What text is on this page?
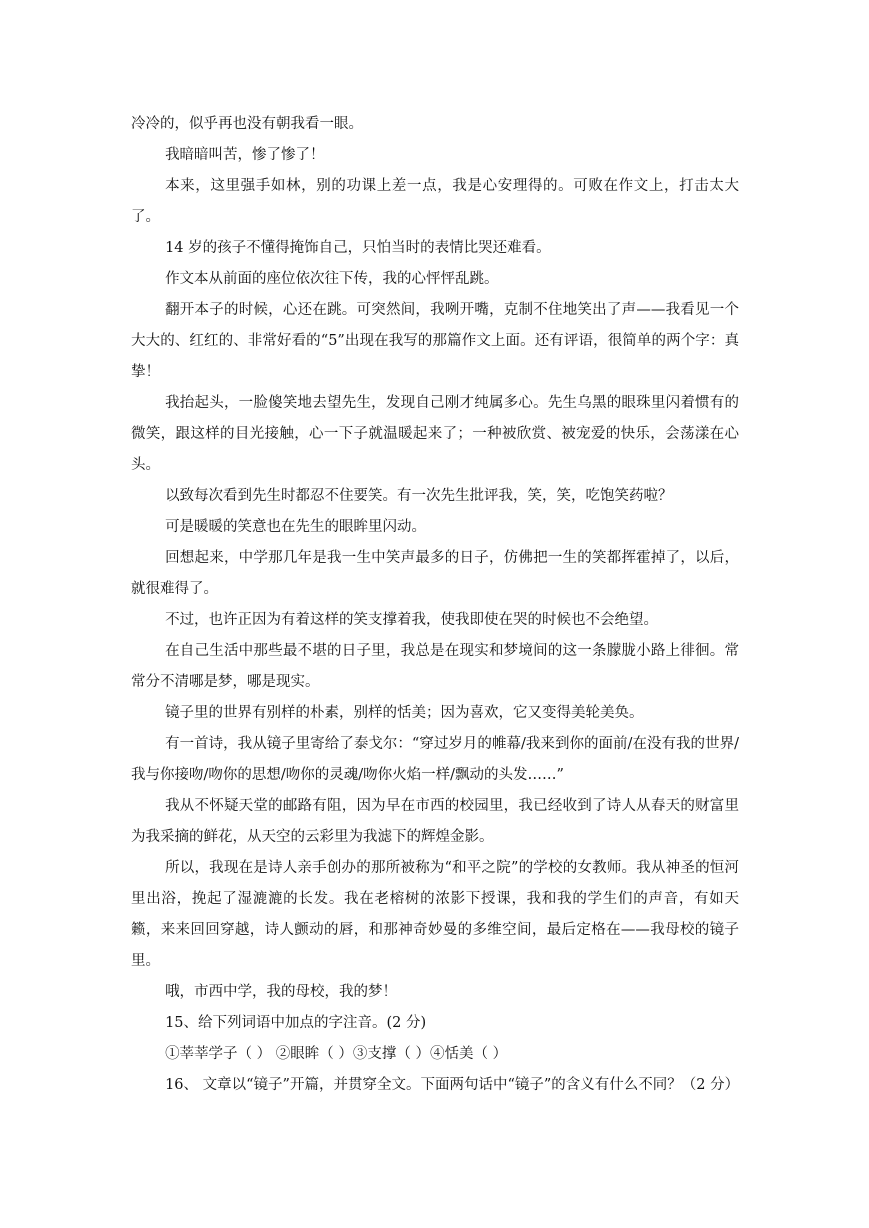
冷冷的，似乎再也没有朝我看一眼。

我暗暗叫苦，惨了惨了！

本来，这里强手如林，别的功课上差一点，我是心安理得的。可败在作文上，打击太大了。

14 岁的孩子不懂得掩饰自己，只怕当时的表情比哭还难看。

作文本从前面的座位依次往下传，我的心怦怦乱跳。

翻开本子的时候，心还在跳。可突然间，我咧开嘴，克制不住地笑出了声——我看见一个大大的、红红的、非常好看的“5”出现在我写的那篇作文上面。还有评语，很简单的两个字：真挚！

我抬起头，一脸傻笑地去望先生，发现自己刚才纯属多心。先生乌黑的眼珠里闪着惯有的微笑，跟这样的目光接触，心一下子就温暖起来了；一种被欣赏、被宠爱的快乐，会荡漾在心头。

以致每次看到先生时都忍不住要笑。有一次先生批评我，笑，笑，吃饱笑药啦？

可是暖暖的笑意也在先生的眼眸里闪动。

回想起来，中学那几年是我一生中笑声最多的日子，仿佛把一生的笑都挥霍掉了，以后，就很难得了。

不过，也许正因为有着这样的笑支撑着我，使我即使在哭的时候也不会绝望。

在自己生活中那些最不堪的日子里，我总是在现实和梦境间的这一条朦胧小路上徘徊。常常分不清哪是梦，哪是现实。

镜子里的世界有别样的朴素，别样的恬美；因为喜欢，它又变得美轮美奂。

有一首诗，我从镜子里寄给了泰戈尔：“穿过岁月的帷幕/我来到你的面前/在没有我的世界/我与你接吻/吻你的思想/吻你的灵魂/吻你火焰一样/飘动的头发……”

我从不怀疑天堂的邮路有阻，因为早在市西的校园里，我已经收到了诗人从春天的财富里为我采摘的鲜花，从天空的云彩里为我滤下的辉煌金影。

所以，我现在是诗人亲手创办的那所被称为“和平之院”的学校的女教师。我从神圣的恒河里出浴，挽起了湿漉漉的长发。我在老榕树的浓影下授课，我和我的学生们的声音，有如天籁，来来回回穿越，诗人颤动的唇，和那神奇妙曼的多维空间，最后定格在——我母校的镜子里。

哦，市西中学，我的母校，我的梦！

15、给下列词语中加点的字注音。(2 分)

①莘莘学子（ ） ②眼眸（ ）③支撑（ ）④恬美（ ）

16、 文章以“镜子”开篇，并贯穿全文。下面两句话中“镜子”的含义有什么不同？（2 分）
